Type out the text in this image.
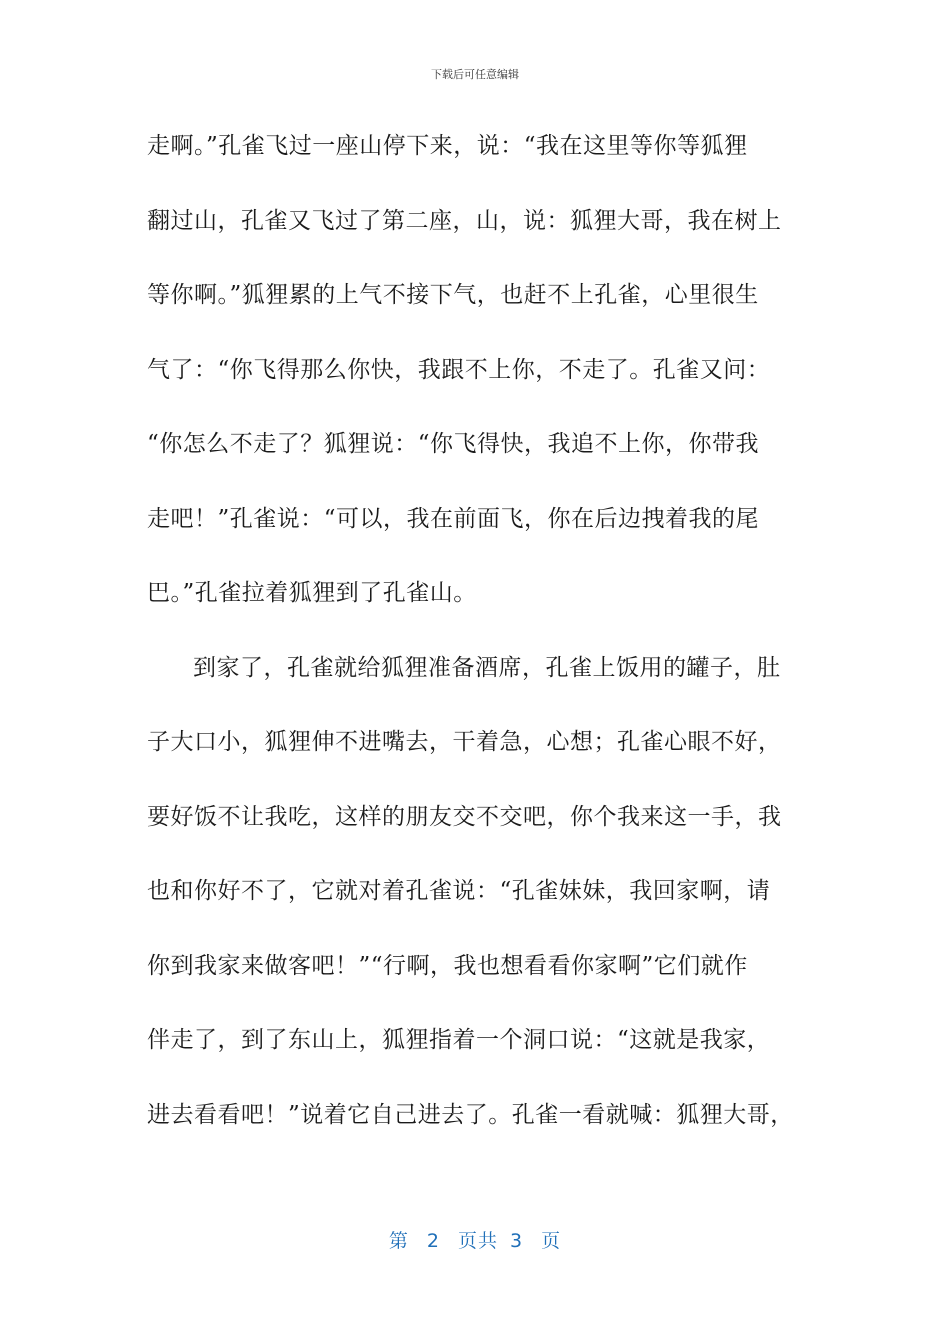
下载后可任意编辑
走啊。”孔雀飞过一座山停下来，说：“我在这里等你等狐狸
翻过山，孔雀又飞过了第二座，山，说：狐狸大哥，我在树上
等你啊。”狐狸累的上气不接下气，也赶不上孔雀，心里很生
气了：“你飞得那么你快，我跟不上你，不走了。孔雀又问：
“你怎么不走了？狐狸说：“你飞得快，我追不上你，你带我
走吧！”孔雀说：“可以，我在前面飞，你在后边拽着我的尾
巴。”孔雀拉着狐狸到了孔雀山。
到家了，孔雀就给狐狸准备酒席，孔雀上饭用的罐子，肚
子大口小，狐狸伸不进嘴去，干着急，心想；孔雀心眼不好，
要好饭不让我吃，这样的朋友交不交吧，你个我来这一手，我
也和你好不了，它就对着孔雀说：“孔雀妹妹，我回家啊，请
你到我家来做客吧！”“行啊，我也想看看你家啊”它们就作
伴走了，到了东山上，狐狸指着一个洞口说：“这就是我家，
进去看看吧！”说着它自己进去了。孔雀一看就喊：狐狸大哥，
第 2 页共 3 页
